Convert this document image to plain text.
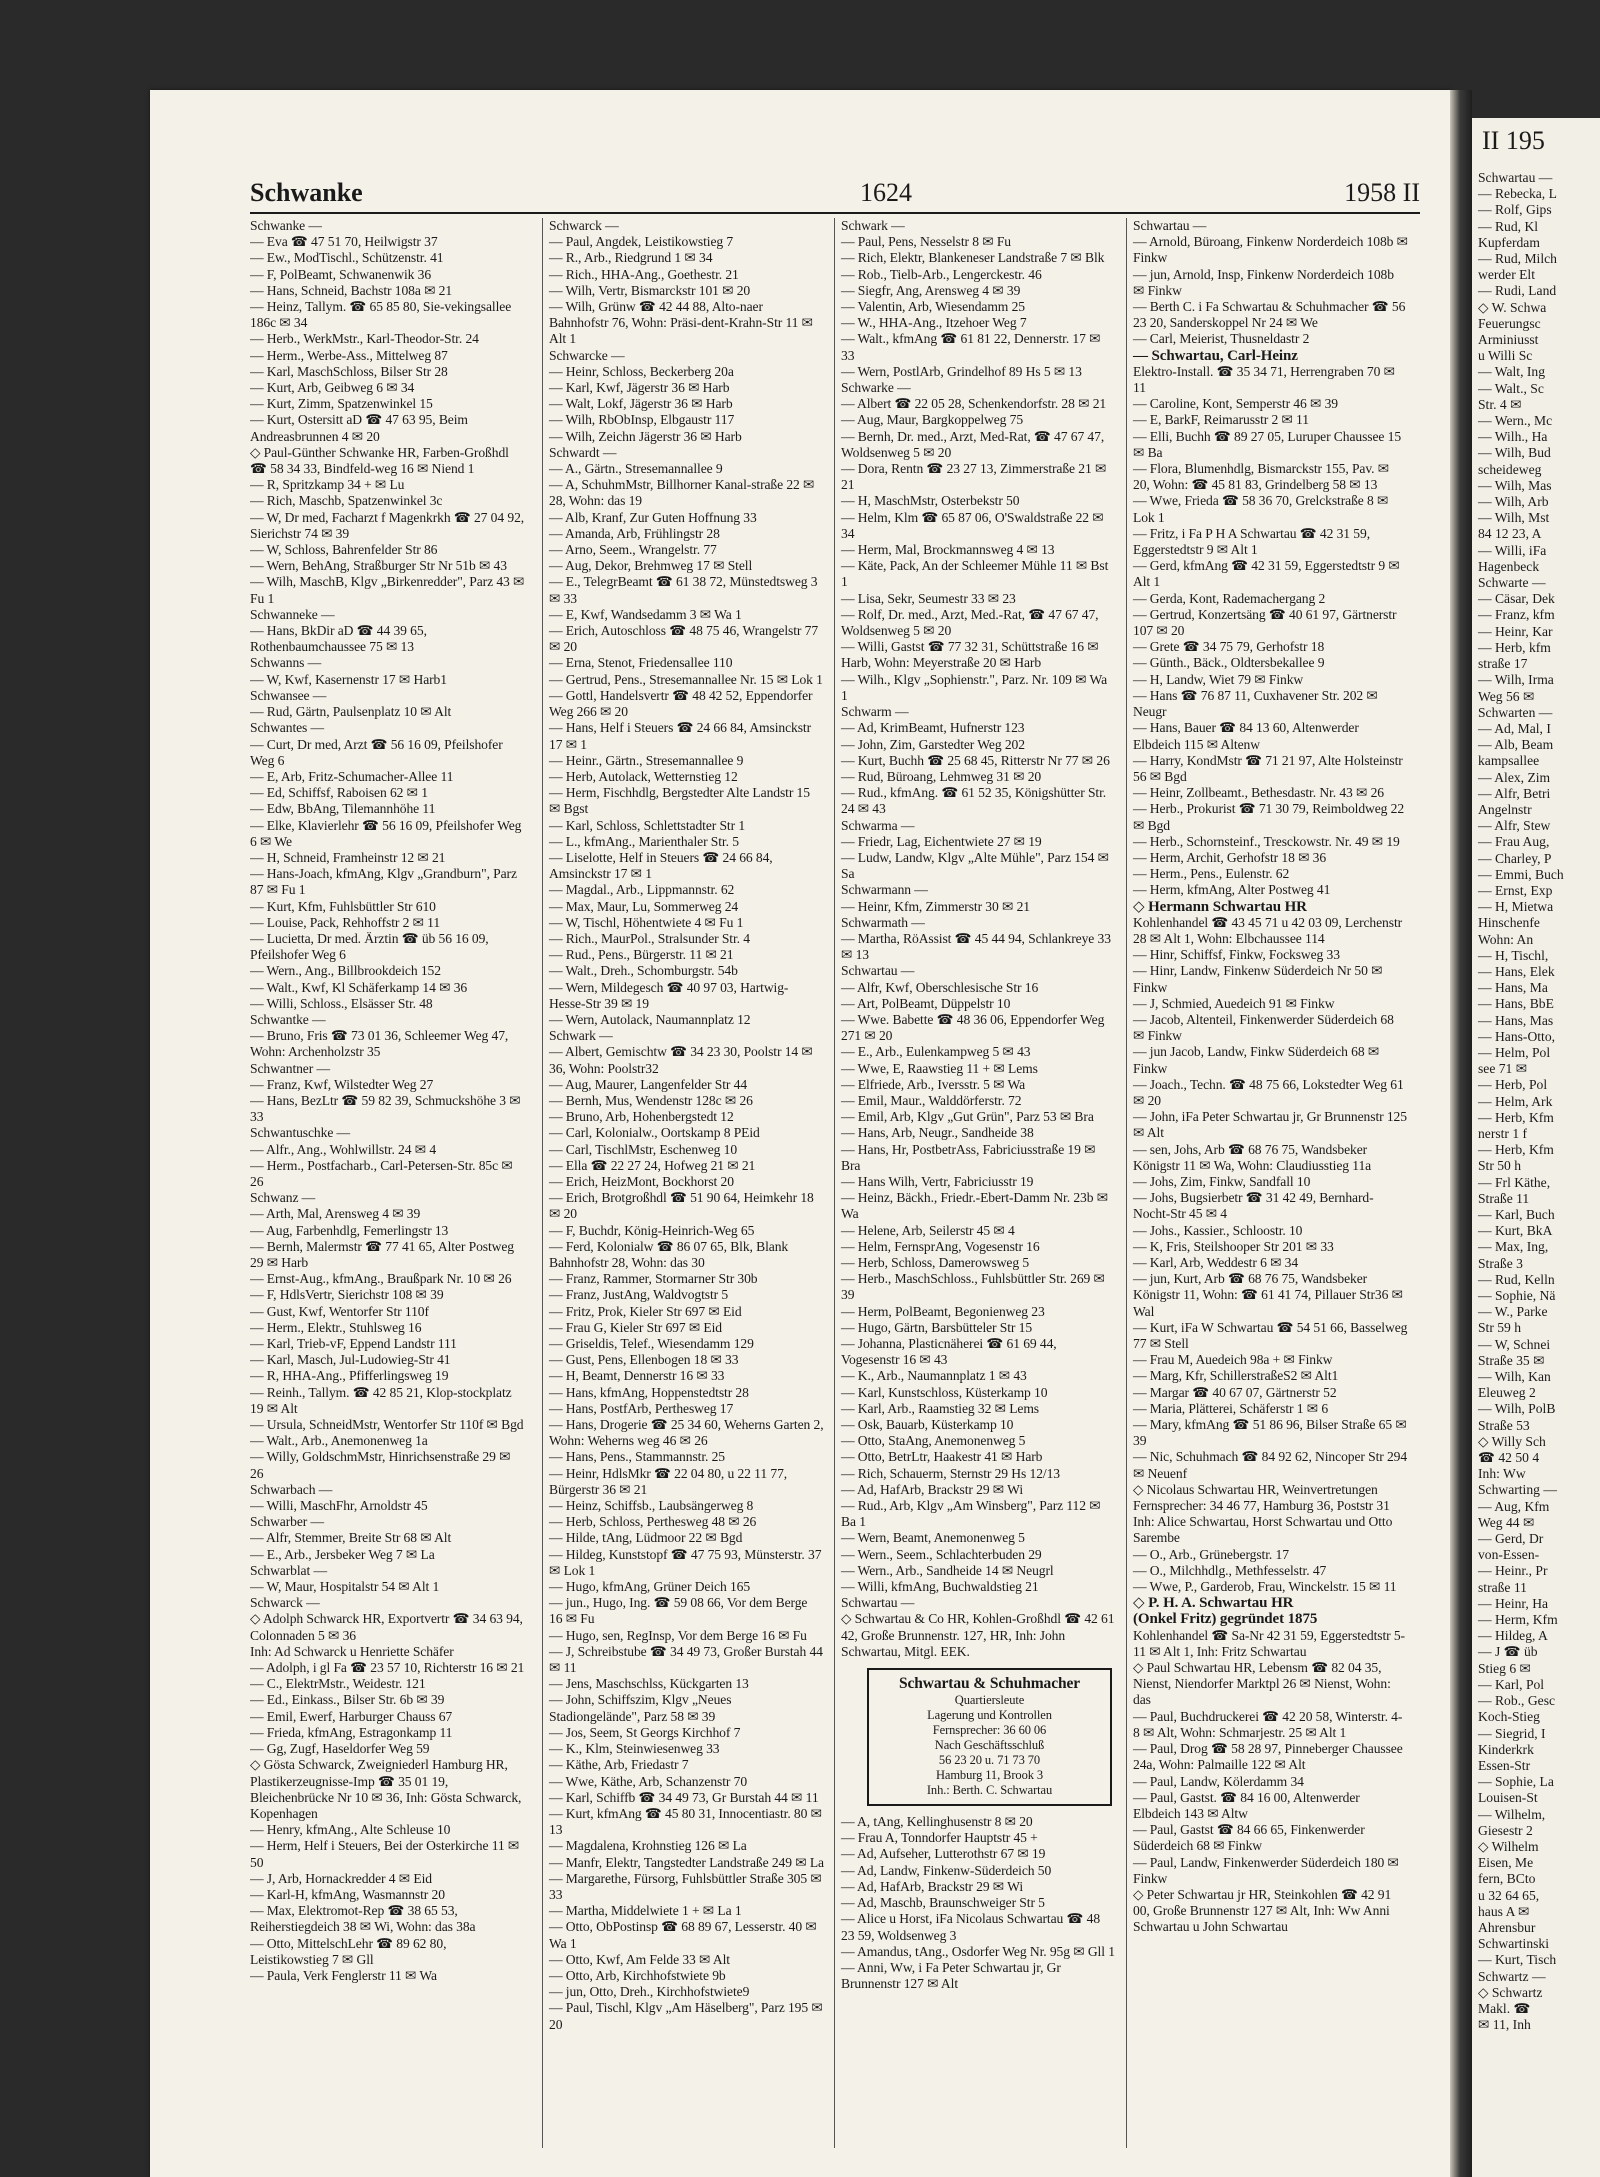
Schwanke	1624	1958 II

Schwanke —

— Eva ☎ 47 51 70, Heilwigstr 37

— Ew., ModTischl., Schützenstr. 41

— F, PolBeamt, Schwanenwik 36

— Hans, Schneid, Bachstr 108a ✉ 21

— Heinz, Tallym. ☎ 65 85 80, Sie-vekingsallee 186c ✉ 34

— Herb., WerkMstr., Karl-Theodor-Str. 24

— Herm., Werbe-Ass., Mittelweg 87

— Karl, MaschSchloss, Bilser Str 28

— Kurt, Arb, Geibweg 6 ✉ 34

— Kurt, Zimm, Spatzenwinkel 15

— Kurt, Ostersitt aD ☎ 47 63 95, Beim Andreasbrunnen 4 ✉ 20

◇ Paul-Günther Schwanke HR, Farben-Großhdl ☎ 58 34 33, Bindfeld-weg 16 ✉ Niend 1

— R, Spritzkamp 34 + ✉ Lu

— Rich, Maschb, Spatzenwinkel 3c

— W, Dr med, Facharzt f Magenkrkh ☎ 27 04 92, Sierichstr 74 ✉ 39

— W, Schloss, Bahrenfelder Str 86

— Wern, BehAng, Straßburger Str Nr 51b ✉ 43

— Wilh, MaschB, Klgv „Birkenredder", Parz 43 ✉ Fu 1

Schwanneke —

— Hans, BkDir aD ☎ 44 39 65, Rothenbaumchaussee 75 ✉ 13

Schwanns —

— W, Kwf, Kasernenstr 17 ✉ Harb1

Schwansee —

— Rud, Gärtn, Paulsenplatz 10 ✉ Alt

Schwantes —

— Curt, Dr med, Arzt ☎ 56 16 09, Pfeilshofer Weg 6

— E, Arb, Fritz-Schumacher-Allee 11

— Ed, Schiffsf, Raboisen 62 ✉ 1

— Edw, BbAng, Tilemannhöhe 11

— Elke, Klavierlehr ☎ 56 16 09, Pfeilshofer Weg 6 ✉ We

— H, Schneid, Framheinstr 12 ✉ 21

— Hans-Joach, kfmAng, Klgv „Grandburn", Parz 87 ✉ Fu 1

— Kurt, Kfm, Fuhlsbüttler Str 610

— Louise, Pack, Rehhoffstr 2 ✉ 11

— Lucietta, Dr med. Ärztin ☎ üb 56 16 09, Pfeilshofer Weg 6

— Wern., Ang., Billbrookdeich 152

— Walt., Kwf, Kl Schäferkamp 14 ✉ 36

— Willi, Schloss., Elsässer Str. 48

Schwantke —

— Bruno, Fris ☎ 73 01 36, Schleemer Weg 47, Wohn: Archenholzstr 35

Schwantner —

— Franz, Kwf, Wilstedter Weg 27

— Hans, BezLtr ☎ 59 82 39, Schmuckshöhe 3 ✉ 33

Schwantuschke —

— Alfr., Ang., Wohlwillstr. 24 ✉ 4

— Herm., Postfacharb., Carl-Petersen-Str. 85c ✉ 26

Schwanz —

— Arth, Mal, Arensweg 4 ✉ 39

— Aug, Farbenhdlg, Femerlingstr 13

— Bernh, Malermstr ☎ 77 41 65, Alter Postweg 29 ✉ Harb

— Ernst-Aug., kfmAng., Braußpark Nr. 10 ✉ 26

— F, HdlsVertr, Sierichstr 108 ✉ 39

— Gust, Kwf, Wentorfer Str 110f

— Herm., Elektr., Stuhlsweg 16

— Karl, Trieb-vF, Eppend Landstr 111

— Karl, Masch, Jul-Ludowieg-Str 41

— R, HHA-Ang., Pfifferlingsweg 19

— Reinh., Tallym. ☎ 42 85 21, Klop-stockplatz 19 ✉ Alt

— Ursula, SchneidMstr, Wentorfer Str 110f ✉ Bgd

— Walt., Arb., Anemonenweg 1a

— Willy, GoldschmMstr, Hinrichsenstraße 29 ✉ 26

Schwarbach —

— Willi, MaschFhr, Arnoldstr 45

Schwarber —

— Alfr, Stemmer, Breite Str 68 ✉ Alt

— E., Arb., Jersbeker Weg 7 ✉ La

Schwarblat —

— W, Maur, Hospitalstr 54 ✉ Alt 1

Schwarck —

◇ Adolph Schwarck HR, Exportvertr ☎ 34 63 94, Colonnaden 5 ✉ 36

Inh: Ad Schwarck u Henriette Schäfer

— Adolph, i gl Fa ☎ 23 57 10, Richterstr 16 ✉ 21

— C., ElektrMstr., Weidestr. 121

— Ed., Einkass., Bilser Str. 6b ✉ 39

— Emil, Ewerf, Harburger Chauss 67

— Frieda, kfmAng, Estragonkamp 11

— Gg, Zugf, Haseldorfer Weg 59

◇ Gösta Schwarck, Zweigniederl Hamburg HR, Plastikerzeugnisse-Imp ☎ 35 01 19, Bleichenbrücke Nr 10 ✉ 36, Inh: Gösta Schwarck, Kopenhagen

— Henry, kfmAng., Alte Schleuse 10

— Herm, Helf i Steuers, Bei der Osterkirche 11 ✉ 50

— J, Arb, Hornackredder 4 ✉ Eid

— Karl-H, kfmAng, Wasmannstr 20

— Max, Elektromot-Rep ☎ 38 65 53, Reiherstiegdeich 38 ✉ Wi, Wohn: das 38a

— Otto, MittelschLehr ☎ 89 62 80, Leistikowstieg 7 ✉ Gll

— Paula, Verk Fenglerstr 11 ✉ Wa

Schwarck —

— Paul, Angdek, Leistikowstieg 7

— R., Arb., Riedgrund 1 ✉ 34

— Rich., HHA-Ang., Goethestr. 21

— Wilh, Vertr, Bismarckstr 101 ✉ 20

— Wilh, Grünw ☎ 42 44 88, Alto-naer Bahnhofstr 76, Wohn: Präsi-dent-Krahn-Str 11 ✉ Alt 1

Schwarcke —

— Heinr, Schloss, Beckerberg 20a

— Karl, Kwf, Jägerstr 36 ✉ Harb

— Walt, Lokf, Jägerstr 36 ✉ Harb

— Wilh, RbObInsp, Elbgaustr 117

— Wilh, Zeichn Jägerstr 36 ✉ Harb

Schwardt —

— A., Gärtn., Stresemannallee 9

— A, SchuhmMstr, Billhorner Kanal-straße 22 ✉ 28, Wohn: das 19

— Alb, Kranf, Zur Guten Hoffnung 33

— Amanda, Arb, Frühlingstr 28

— Arno, Seem., Wrangelstr. 77

— Aug, Dekor, Brehmweg 17 ✉ Stell

— E., TelegrBeamt ☎ 61 38 72, Münstedtsweg 3 ✉ 33

— E, Kwf, Wandsedamm 3 ✉ Wa 1

— Erich, Autoschloss ☎ 48 75 46, Wrangelstr 77 ✉ 20

— Erna, Stenot, Friedensallee 110

— Gertrud, Pens., Stresemannallee Nr. 15 ✉ Lok 1

— Gottl, Handelsvertr ☎ 48 42 52, Eppendorfer Weg 266 ✉ 20

— Hans, Helf i Steuers ☎ 24 66 84, Amsinckstr 17 ✉ 1

— Heinr., Gärtn., Stresemannallee 9

— Herb, Autolack, Wetternstieg 12

— Herm, Fischhdlg, Bergstedter Alte Landstr 15 ✉ Bgst

— Karl, Schloss, Schlettstadter Str 1

— L., kfmAng., Marienthaler Str. 5

— Liselotte, Helf in Steuers ☎ 24 66 84, Amsinckstr 17 ✉ 1

— Magdal., Arb., Lippmannstr. 62

— Max, Maur, Lu, Sommerweg 24

— W, Tischl, Höhentwiete 4 ✉ Fu 1

— Rich., MaurPol., Stralsunder Str. 4

— Rud., Pens., Bürgerstr. 11 ✉ 21

— Walt., Dreh., Schomburgstr. 54b

— Wern, Mildegesch ☎ 40 97 03, Hartwig-Hesse-Str 39 ✉ 19

— Wern, Autolack, Naumannplatz 12

Schwark —

— Albert, Gemischtw ☎ 34 23 30, Poolstr 14 ✉ 36, Wohn: Poolstr32

— Aug, Maurer, Langenfelder Str 44

— Bernh, Mus, Wendenstr 128c ✉ 26

— Bruno, Arb, Hohenbergstedt 12

— Carl, Kolonialw., Oortskamp 8 PEid

— Carl, TischlMstr, Eschenweg 10

— Ella ☎ 22 27 24, Hofweg 21 ✉ 21

— Erich, HeizMont, Bockhorst 20

— Erich, Brotgroßhdl ☎ 51 90 64, Heimkehr 18 ✉ 20

— F, Buchdr, König-Heinrich-Weg 65

— Ferd, Kolonialw ☎ 86 07 65, Blk, Blank Bahnhofstr 28, Wohn: das 30

— Franz, Rammer, Stormarner Str 30b

— Franz, JustAng, Waldvogtstr 5

— Fritz, Prok, Kieler Str 697 ✉ Eid

— Frau G, Kieler Str 697 ✉ Eid

— Griseldis, Telef., Wiesendamm 129

— Gust, Pens, Ellenbogen 18 ✉ 33

— H, Beamt, Dennerstr 16 ✉ 33

— Hans, kfmAng, Hoppenstedtstr 28

— Hans, PostfArb, Perthesweg 17

— Hans, Drogerie ☎ 25 34 60, Weherns Garten 2, Wohn: Weherns weg 46 ✉ 26

— Hans, Pens., Stammannstr. 25

— Heinr, HdlsMkr ☎ 22 04 80, u 22 11 77, Bürgerstr 36 ✉ 21

— Heinz, Schiffsb., Laubsängerweg 8

— Herb, Schloss, Perthesweg 48 ✉ 26

— Hilde, tAng, Lüdmoor 22 ✉ Bgd

— Hildeg, Kunststopf ☎ 47 75 93, Münsterstr. 37 ✉ Lok 1

— Hugo, kfmAng, Grüner Deich 165

— jun., Hugo, Ing. ☎ 59 08 66, Vor dem Berge 16 ✉ Fu

— Hugo, sen, RegInsp, Vor dem Berge 16 ✉ Fu

— J, Schreibstube ☎ 34 49 73, Großer Burstah 44 ✉ 11

— Jens, Maschschlss, Kückgarten 13

— John, Schiffszim, Klgv „Neues Stadiongelände", Parz 58 ✉ 39

— Jos, Seem, St Georgs Kirchhof 7

— K., Klm, Steinwiesenweg 33

— Käthe, Arb, Friedastr 7

— Wwe, Käthe, Arb, Schanzenstr 70

— Karl, Schiffb ☎ 34 49 73, Gr Burstah 44 ✉ 11

— Kurt, kfmAng ☎ 45 80 31, Innocentiastr. 80 ✉ 13

— Magdalena, Krohnstieg 126 ✉ La

— Manfr, Elektr, Tangstedter Landstraße 249 ✉ La

— Margarethe, Fürsorg, Fuhlsbüttler Straße 305 ✉ 33

— Martha, Middelwiete 1 + ✉ La 1

— Otto, ObPostinsp ☎ 68 89 67, Lesserstr. 40 ✉ Wa 1

— Otto, Kwf, Am Felde 33 ✉ Alt

— Otto, Arb, Kirchhofstwiete 9b

— jun, Otto, Dreh., Kirchhofstwiete9

— Paul, Tischl, Klgv „Am Häselberg", Parz 195 ✉ 20

Schwark —

— Paul, Pens, Nesselstr 8 ✉ Fu

— Rich, Elektr, Blankeneser Landstraße 7 ✉ Blk

— Rob., Tielb-Arb., Lengerckestr. 46

— Siegfr, Ang, Arensweg 4 ✉ 39

— Valentin, Arb, Wiesendamm 25

— W., HHA-Ang., Itzehoer Weg 7

— Walt., kfmAng ☎ 61 81 22, Dennerstr. 17 ✉ 33

— Wern, PostlArb, Grindelhof 89 Hs 5 ✉ 13

Schwarke —

— Albert ☎ 22 05 28, Schenkendorfstr. 28 ✉ 21

— Aug, Maur, Bargkoppelweg 75

— Bernh, Dr. med., Arzt, Med-Rat, ☎ 47 67 47, Woldsenweg 5 ✉ 20

— Dora, Rentn ☎ 23 27 13, Zimmerstraße 21 ✉ 21

— H, MaschMstr, Osterbekstr 50

— Helm, Klm ☎ 65 87 06, O'Swaldstraße 22 ✉ 34

— Herm, Mal, Brockmannsweg 4 ✉ 13

— Käte, Pack, An der Schleemer Mühle 11 ✉ Bst 1

— Lisa, Sekr, Seumestr 33 ✉ 23

— Rolf, Dr. med., Arzt, Med.-Rat, ☎ 47 67 47, Woldsenweg 5 ✉ 20

— Willi, Gastst ☎ 77 32 31, Schüttstraße 16 ✉ Harb, Wohn: Meyerstraße 20 ✉ Harb

— Wilh., Klgv „Sophienstr.", Parz. Nr. 109 ✉ Wa 1

Schwarm —

— Ad, KrimBeamt, Hufnerstr 123

— John, Zim, Garstedter Weg 202

— Kurt, Buchh ☎ 25 68 45, Ritterstr Nr 77 ✉ 26

— Rud, Büroang, Lehmweg 31 ✉ 20

— Rud., kfmAng. ☎ 61 52 35, Königshütter Str. 24 ✉ 43

Schwarma —

— Friedr, Lag, Eichentwiete 27 ✉ 19

— Ludw, Landw, Klgv „Alte Mühle", Parz 154 ✉ Sa

Schwarmann —

— Heinr, Kfm, Zimmerstr 30 ✉ 21

Schwarmath —

— Martha, RöAssist ☎ 45 44 94, Schlankreye 33 ✉ 13

Schwartau —

— Alfr, Kwf, Oberschlesische Str 16

— Art, PolBeamt, Düppelstr 10

— Wwe. Babette ☎ 48 36 06, Eppendorfer Weg 271 ✉ 20

— E., Arb., Eulenkampweg 5 ✉ 43

— Wwe, E, Raawstieg 11 + ✉ Lems

— Elfriede, Arb., Iversstr. 5 ✉ Wa

— Emil, Maur., Walddörferstr. 72

— Emil, Arb, Klgv „Gut Grün", Parz 53 ✉ Bra

— Hans, Arb, Neugr., Sandheide 38

— Hans, Hr, PostbetrAss, Fabriciusstraße 19 ✉ Bra

— Hans Wilh, Vertr, Fabriciusstr 19

— Heinz, Bäckh., Friedr.-Ebert-Damm Nr. 23b ✉ Wa

— Helene, Arb, Seilerstr 45 ✉ 4

— Helm, FernsprAng, Vogesenstr 16

— Herb, Schloss, Damerowsweg 5

— Herb., MaschSchloss., Fuhlsbüttler Str. 269 ✉ 39

— Herm, PolBeamt, Begonienweg 23

— Hugo, Gärtn, Barsbütteler Str 15

— Johanna, Plasticnäherei ☎ 61 69 44, Vogesenstr 16 ✉ 43

— K., Arb., Naumannplatz 1 ✉ 43

— Karl, Kunstschloss, Küsterkamp 10

— Karl, Arb., Raamstieg 32 ✉ Lems

— Osk, Bauarb, Küsterkamp 10

— Otto, StaAng, Anemonenweg 5

— Otto, BetrLtr, Haakestr 41 ✉ Harb

— Rich, Schauerm, Sternstr 29 Hs 12/13

— Ad, HafArb, Brackstr 29 ✉ Wi

— Rud., Arb, Klgv „Am Winsberg", Parz 112 ✉ Ba 1

— Wern, Beamt, Anemonenweg 5

— Wern., Seem., Schlachterbuden 29

— Wern., Arb., Sandheide 14 ✉ Neugrl

— Willi, kfmAng, Buchwaldstieg 21

Schwartau —

◇ Schwartau & Co HR, Kohlen-Großhdl ☎ 42 61 42, Große Brunnenstr. 127, HR, Inh: John Schwartau, Mitgl. EEK.

Schwartau & Schuhmacher
Quartiersleute
Lagerung und Kontrollen
Fernsprecher: 36 60 06
Nach Geschäftsschluß
56 23 20 u. 71 73 70
Hamburg 11, Brook 3
Inh.: Berth. C. Schwartau

— A, tAng, Kellinghusenstr 8 ✉ 20

— Frau A, Tonndorfer Hauptstr 45 +

— Ad, Aufseher, Lutterothstr 67 ✉ 19

— Ad, Landw, Finkenw-Süderdeich 50

— Ad, HafArb, Brackstr 29 ✉ Wi

— Ad, Maschb, Braunschweiger Str 5

— Alice u Horst, iFa Nicolaus Schwartau ☎ 48 23 59, Woldsenweg 3

— Amandus, tAng., Osdorfer Weg Nr. 95g ✉ Gll 1

— Anni, Ww, i Fa Peter Schwartau jr, Gr Brunnenstr 127 ✉ Alt

Schwartau —

— Arnold, Büroang, Finkenw Norderdeich 108b ✉ Finkw

— jun, Arnold, Insp, Finkenw Norderdeich 108b ✉ Finkw

— Berth C. i Fa Schwartau & Schuhmacher ☎ 56 23 20, Sanderskoppel Nr 24 ✉ We

— Carl, Meierist, Thusneldastr 2

— Schwartau, Carl-Heinz

Elektro-Install. ☎ 35 34 71, Herrengraben 70 ✉ 11

— Caroline, Kont, Semperstr 46 ✉ 39

— E, BarkF, Reimarusstr 2 ✉ 11

— Elli, Buchh ☎ 89 27 05, Luruper Chaussee 15 ✉ Ba

— Flora, Blumenhdlg, Bismarckstr 155, Pav. ✉ 20, Wohn: ☎ 45 81 83, Grindelberg 58 ✉ 13

— Wwe, Frieda ☎ 58 36 70, Grelckstraße 8 ✉ Lok 1

— Fritz, i Fa P H A Schwartau ☎ 42 31 59, Eggerstedtstr 9 ✉ Alt 1

— Gerd, kfmAng ☎ 42 31 59, Eggerstedtstr 9 ✉ Alt 1

— Gerda, Kont, Rademachergang 2

— Gertrud, Konzertsäng ☎ 40 61 97, Gärtnerstr 107 ✉ 20

— Grete ☎ 34 75 79, Gerhofstr 18

— Günth., Bäck., Oldtersbekallee 9

— H, Landw, Wiet 79 ✉ Finkw

— Hans ☎ 76 87 11, Cuxhavener Str. 202 ✉ Neugr

— Hans, Bauer ☎ 84 13 60, Altenwerder Elbdeich 115 ✉ Altenw

— Harry, KondMstr ☎ 71 21 97, Alte Holsteinstr 56 ✉ Bgd

— Heinr, Zollbeamt., Bethesdastr. Nr. 43 ✉ 26

— Herb., Prokurist ☎ 71 30 79, Reimboldweg 22 ✉ Bgd

— Herb., Schornsteinf., Tresckowstr. Nr. 49 ✉ 19

— Herm, Archit, Gerhofstr 18 ✉ 36

— Herm., Pens., Eulenstr. 62

— Herm, kfmAng, Alter Postweg 41

◇ Hermann Schwartau HR

Kohlenhandel ☎ 43 45 71 u 42 03 09, Lerchenstr 28 ✉ Alt 1, Wohn: Elbchaussee 114

— Hinr, Schiffsf, Finkw, Focksweg 33

— Hinr, Landw, Finkenw Süderdeich Nr 50 ✉ Finkw

— J, Schmied, Auedeich 91 ✉ Finkw

— Jacob, Altenteil, Finkenwerder Süderdeich 68 ✉ Finkw

— jun Jacob, Landw, Finkw Süderdeich 68 ✉ Finkw

— Joach., Techn. ☎ 48 75 66, Lokstedter Weg 61 ✉ 20

— John, iFa Peter Schwartau jr, Gr Brunnenstr 125 ✉ Alt

— sen, Johs, Arb ☎ 68 76 75, Wandsbeker Königstr 11 ✉ Wa, Wohn: Claudiusstieg 11a

— Johs, Zim, Finkw, Sandfall 10

— Johs, Bugsierbetr ☎ 31 42 49, Bernhard-Nocht-Str 45 ✉ 4

— Johs., Kassier., Schloostr. 10

— K, Fris, Steilshooper Str 201 ✉ 33

— Karl, Arb, Weddestr 6 ✉ 34

— jun, Kurt, Arb ☎ 68 76 75, Wandsbeker Königstr 11, Wohn: ☎ 61 41 74, Pillauer Str36 ✉ Wal

— Kurt, iFa W Schwartau ☎ 54 51 66, Basselweg 77 ✉ Stell

— Frau M, Auedeich 98a + ✉ Finkw

— Marg, Kfr, SchillerstraßeS2 ✉ Alt1

— Margar ☎ 40 67 07, Gärtnerstr 52

— Maria, Plätterei, Schäferstr 1 ✉ 6

— Mary, kfmAng ☎ 51 86 96, Bilser Straße 65 ✉ 39

— Nic, Schuhmach ☎ 84 92 62, Nincoper Str 294 ✉ Neuenf

◇ Nicolaus Schwartau HR, Weinvertretungen

Fernsprecher: 34 46 77, Hamburg 36, Poststr 31

Inh: Alice Schwartau, Horst Schwartau und Otto Sarembe

— O., Arb., Grünebergstr. 17

— O., Milchhdlg., Methfesselstr. 47

— Wwe, P., Garderob, Frau, Winckelstr. 15 ✉ 11

◇ P. H. A. Schwartau HR

(Onkel Fritz) gegründet 1875

Kohlenhandel ☎ Sa-Nr 42 31 59, Eggerstedtstr 5-11 ✉ Alt 1, Inh: Fritz Schwartau

◇ Paul Schwartau HR, Lebensm ☎ 82 04 35, Nienst, Niendorfer Marktpl 26 ✉ Nienst, Wohn: das

— Paul, Buchdruckerei ☎ 42 20 58, Winterstr. 4-8 ✉ Alt, Wohn: Schmarjestr. 25 ✉ Alt 1

— Paul, Drog ☎ 58 28 97, Pinneberger Chaussee 24a, Wohn: Palmaille 122 ✉ Alt

— Paul, Landw, Kölerdamm 34

— Paul, Gastst. ☎ 84 16 00, Altenwerder Elbdeich 143 ✉ Altw

— Paul, Gastst ☎ 84 66 65, Finkenwerder Süderdeich 68 ✉ Finkw

— Paul, Landw, Finkenwerder Süderdeich 180 ✉ Finkw

◇ Peter Schwartau jr HR, Steinkohlen ☎ 42 91 00, Große Brunnenstr 127 ✉ Alt, Inh: Ww Anni Schwartau u John Schwartau

II 195
Schwartau —
— Rebecka, L
— Rolf, Gips
— Rud, Kl
Kupferdam
— Rud, Milch
werder Elt
— Rudi, Land
◇ W. Schwa
Feuerungsc
Arminiusst
u Willi Sc
— Walt, Ing
— Walt., Sc
Str. 4 ✉
— Wern., Mc
— Wilh., Ha
— Wilh, Bud
scheideweg
— Wilh, Mas
— Wilh, Arb
— Wilh, Mst
84 12 23, A
— Willi, iFa
Hagenbeck
Schwarte —
— Cäsar, Dek
— Franz, kfm
— Heinr, Kar
— Herb, kfm
straße 17
— Wilh, Irma
Weg 56 ✉
Schwarten —
— Ad, Mal, I
— Alb, Beam
kampsallee
— Alex, Zim
— Alfr, Betri
Angelnstr
— Alfr, Stew
— Frau Aug,
— Charley, P
— Emmi, Buch
— Ernst, Exp
— H, Mietwa
Hinschenfe
Wohn: An
— H, Tischl,
— Hans, Elek
— Hans, Ma
— Hans, BbE
— Hans, Mas
— Hans-Otto,
— Helm, Pol
see 71 ✉
— Herb, Pol
— Helm, Ark
— Herb, Kfm
nerstr 1 f
— Herb, Kfm
Str 50 h
— Frl Käthe,
Straße 11
— Karl, Buch
— Kurt, BkA
— Max, Ing,
Straße 3
— Rud, Kelln
— Sophie, Nä
— W., Parke
Str 59 h
— W, Schnei
Straße 35 ✉
— Wilh, Kan
Eleuweg 2
— Wilh, PolB
Straße 53
◇ Willy Sch
☎ 42 50 4
Inh: Ww
Schwarting —
— Aug, Kfm
Weg 44 ✉
— Gerd, Dr
von-Essen-
— Heinr., Pr
straße 11
— Heinr, Ha
— Herm, Kfm
— Hildeg, A
— J ☎ üb
Stieg 6 ✉
— Karl, Pol
— Rob., Gesc
Koch-Stieg
— Siegrid, I
Kinderkrk
Essen-Str
— Sophie, La
Louisen-St
— Wilhelm,
Giesestr 2
◇ Wilhelm
Eisen, Me
fern, BCto
u 32 64 65,
haus A ✉
Ahrensbur
Schwartinski
— Kurt, Tisch
Schwartz —
◇ Schwartz
Makl. ☎
✉ 11, Inh
